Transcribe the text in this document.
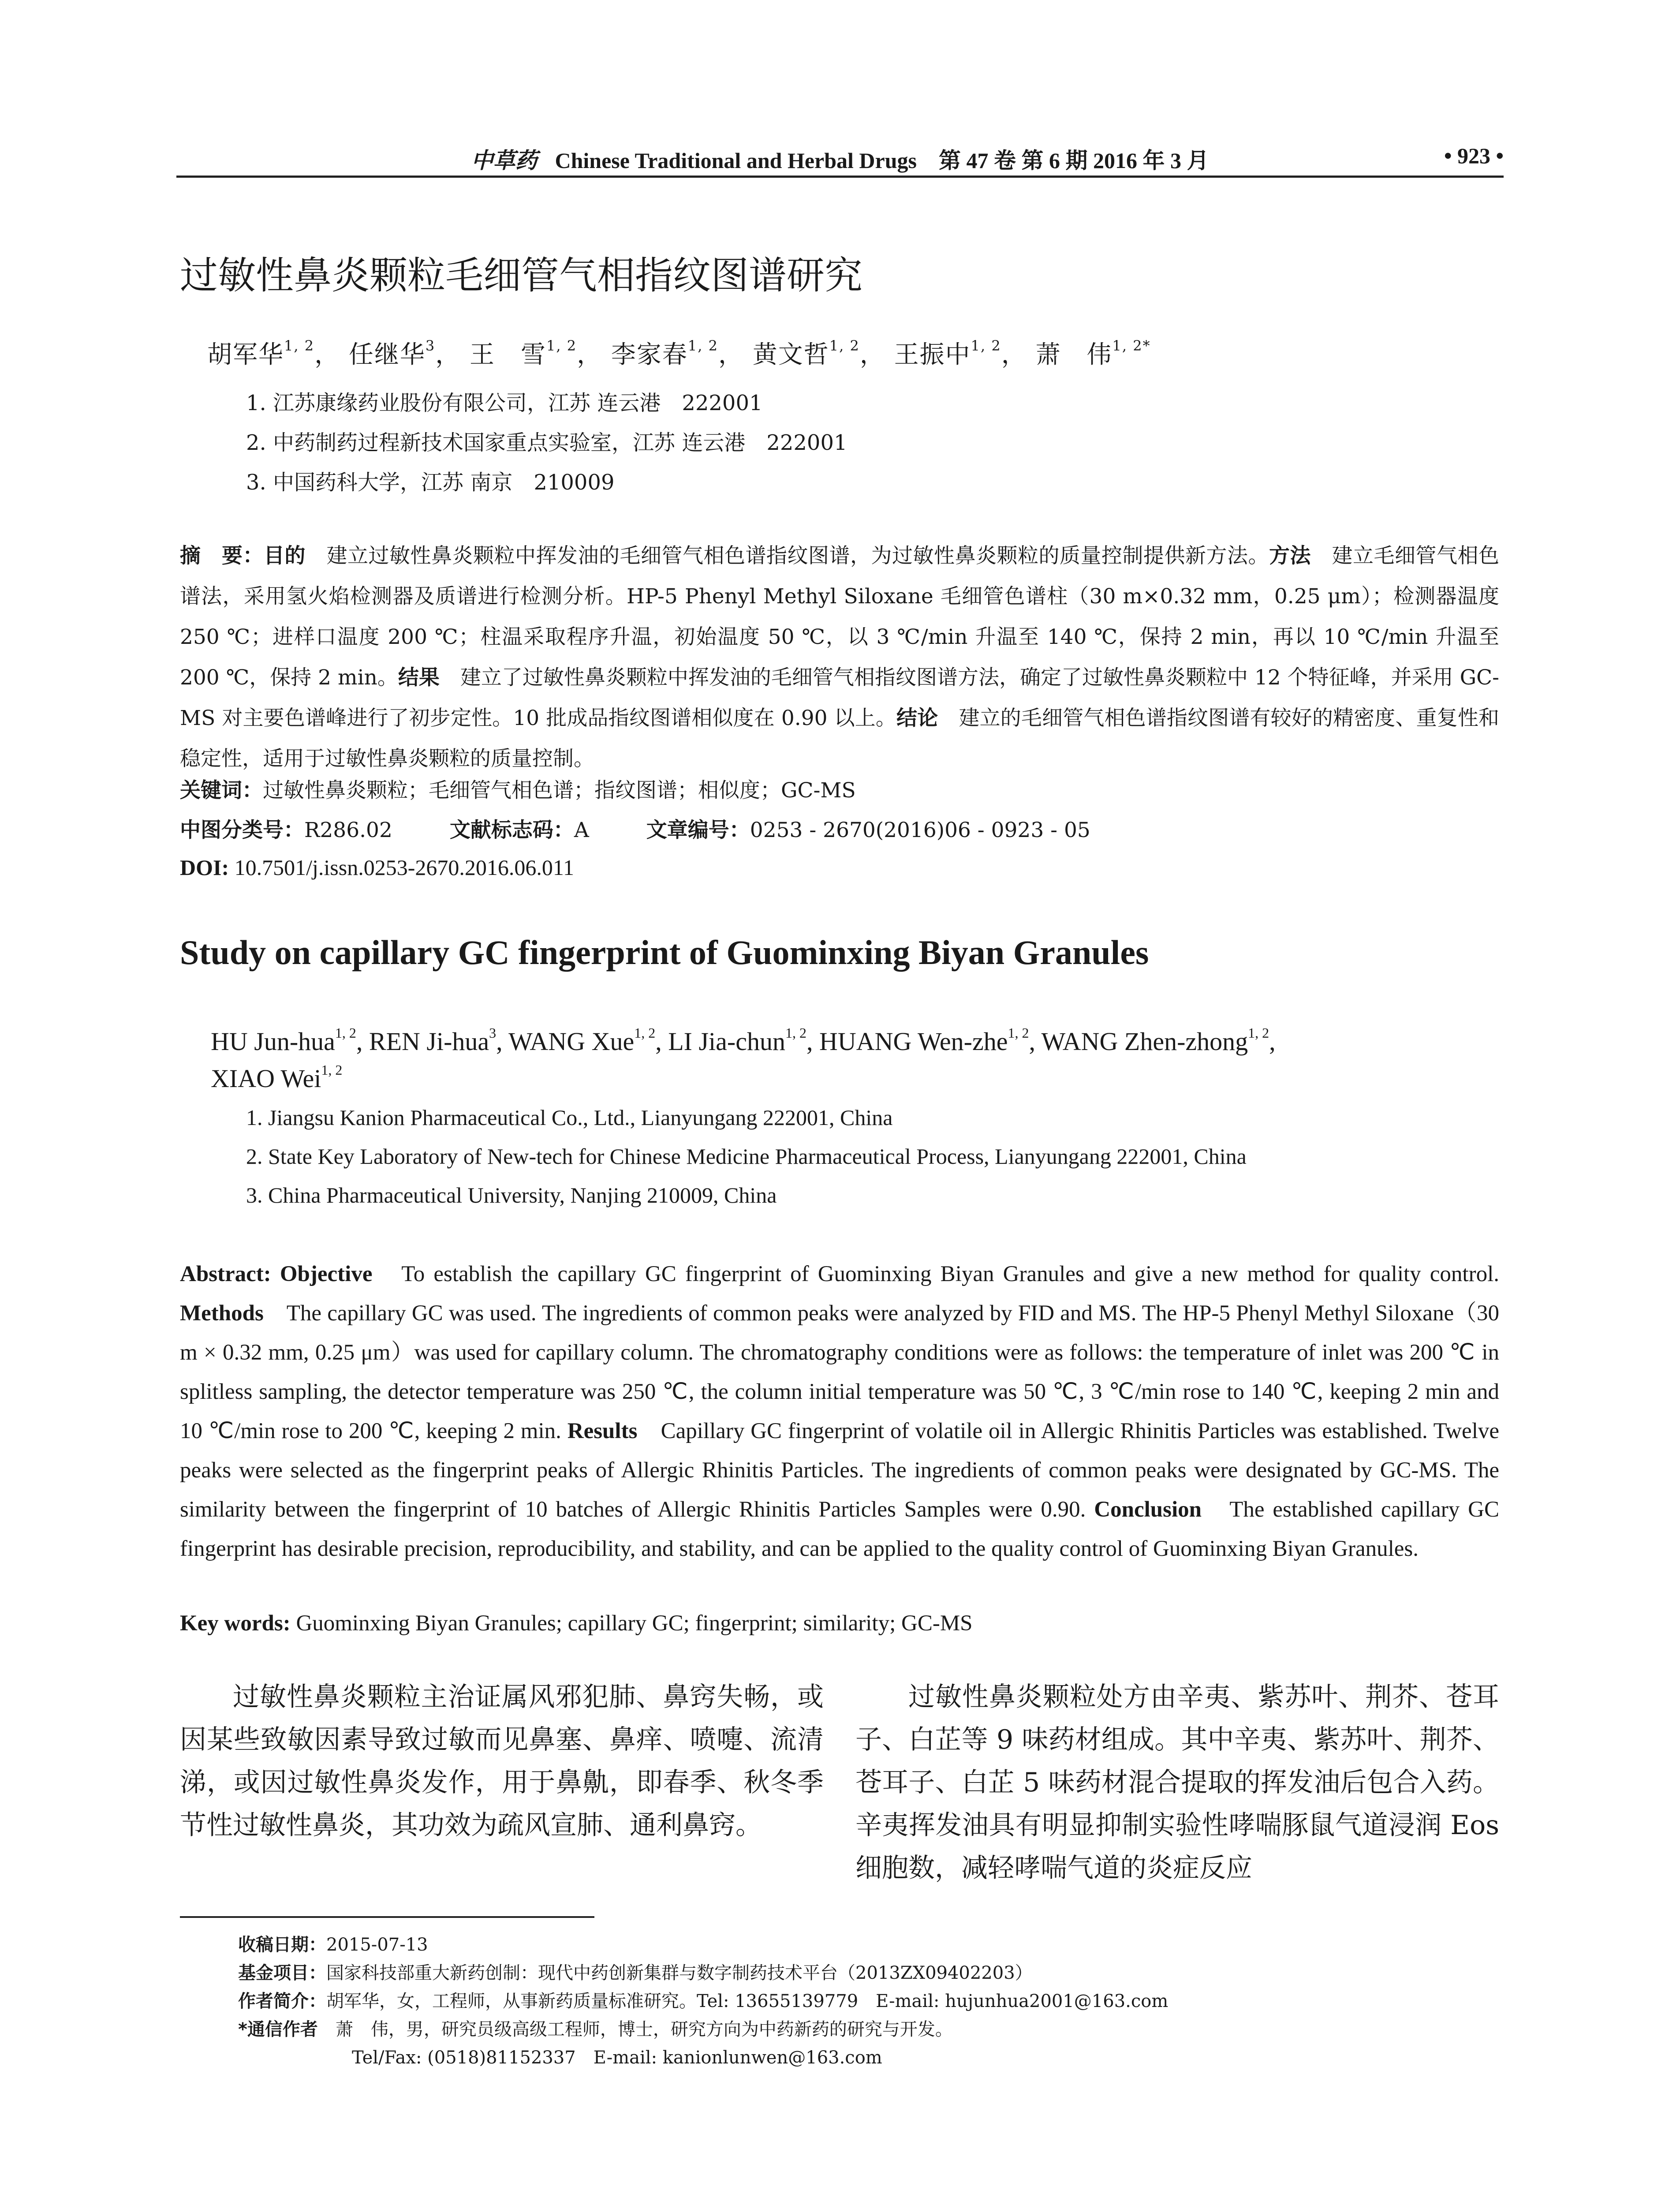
中草药 Chinese Traditional and Herbal Drugs 第 47 卷 第 6 期 2016 年 3 月	• 923 •
过敏性鼻炎颗粒毛细管气相指纹图谱研究
胡军华$^{1, 2}$， 任继华$^3$， 王　雪$^{1, 2}$， 李家春$^{1, 2}$， 黄文哲$^{1, 2}$， 王振中$^{1, 2}$， 萧　伟$^{1, 2*}$
1. 江苏康缘药业股份有限公司，江苏 连云港　222001
2. 中药制药过程新技术国家重点实验室，江苏 连云港　222001
3. 中国药科大学，江苏 南京　210009
摘　要：目的　建立过敏性鼻炎颗粒中挥发油的毛细管气相色谱指纹图谱，为过敏性鼻炎颗粒的质量控制提供新方法。方法　建立毛细管气相色谱法，采用氢火焰检测器及质谱进行检测分析。HP-5 Phenyl Methyl Siloxane 毛细管色谱柱（30 m×0.32 mm，0.25 μm）；检测器温度 250 ℃；进样口温度 200 ℃；柱温采取程序升温，初始温度 50 ℃，以 3 ℃/min 升温至 140 ℃，保持 2 min，再以 10 ℃/min 升温至 200 ℃，保持 2 min。结果　建立了过敏性鼻炎颗粒中挥发油的毛细管气相指纹图谱方法，确定了过敏性鼻炎颗粒中 12 个特征峰，并采用 GC-MS 对主要色谱峰进行了初步定性。10 批成品指纹图谱相似度在 0.90 以上。结论　建立的毛细管气相色谱指纹图谱有较好的精密度、重复性和稳定性，适用于过敏性鼻炎颗粒的质量控制。
关键词：过敏性鼻炎颗粒；毛细管气相色谱；指纹图谱；相似度；GC-MS
中图分类号：R286.02	文献标志码：A	文章编号：0253 - 2670(2016)06 - 0923 - 05
DOI: 10.7501/j.issn.0253-2670.2016.06.011
Study on capillary GC fingerprint of Guominxing Biyan Granules
HU Jun-hua$^{1, 2}$, REN Ji-hua$^3$, WANG Xue$^{1, 2}$, LI Jia-chun$^{1, 2}$, HUANG Wen-zhe$^{1, 2}$, WANG Zhen-zhong$^{1, 2}$,
XIAO Wei$^{1, 2}$
1. Jiangsu Kanion Pharmaceutical Co., Ltd., Lianyungang 222001, China
2. State Key Laboratory of New-tech for Chinese Medicine Pharmaceutical Process, Lianyungang 222001, China
3. China Pharmaceutical University, Nanjing 210009, China
Abstract: Objective　To establish the capillary GC fingerprint of Guominxing Biyan Granules and give a new method for quality control. Methods　The capillary GC was used. The ingredients of common peaks were analyzed by FID and MS. The HP-5 Phenyl Methyl Siloxane（30 m × 0.32 mm, 0.25 μm）was used for capillary column. The chromatography conditions were as follows: the temperature of inlet was 200 ℃ in splitless sampling, the detector temperature was 250 ℃, the column initial temperature was 50 ℃, 3 ℃/min rose to 140 ℃, keeping 2 min and 10 ℃/min rose to 200 ℃, keeping 2 min. Results　Capillary GC fingerprint of volatile oil in Allergic Rhinitis Particles was established. Twelve peaks were selected as the fingerprint peaks of Allergic Rhinitis Particles. The ingredients of common peaks were designated by GC-MS. The similarity between the fingerprint of 10 batches of Allergic Rhinitis Particles Samples were 0.90. Conclusion　The established capillary GC fingerprint has desirable precision, reproducibility, and stability, and can be applied to the quality control of Guominxing Biyan Granules.
Key words: Guominxing Biyan Granules; capillary GC; fingerprint; similarity; GC-MS

过敏性鼻炎颗粒主治证属风邪犯肺、鼻窍失畅，或因某些致敏因素导致过敏而见鼻塞、鼻痒、喷嚏、流清涕，或因过敏性鼻炎发作，用于鼻鼽，即春季、秋冬季节性过敏性鼻炎，其功效为疏风宣肺、通利鼻窍。

过敏性鼻炎颗粒处方由辛夷、紫苏叶、荆芥、苍耳子、白芷等 9 味药材组成。其中辛夷、紫苏叶、荆芥、苍耳子、白芷 5 味药材混合提取的挥发油后包合入药。辛夷挥发油具有明显抑制实验性哮喘豚鼠气道浸润 Eos 细胞数，减轻哮喘气道的炎症反应

收稿日期：2015-07-13
基金项目：国家科技部重大新药创制：现代中药创新集群与数字制药技术平台（2013ZX09402203）
作者简介：胡军华，女，工程师，从事新药质量标准研究。Tel: 13655139779　E-mail: hujunhua2001@163.com
*通信作者　萧　伟，男，研究员级高级工程师，博士，研究方向为中药新药的研究与开发。
Tel/Fax: (0518)81152337　E-mail: kanionlunwen@163.com
